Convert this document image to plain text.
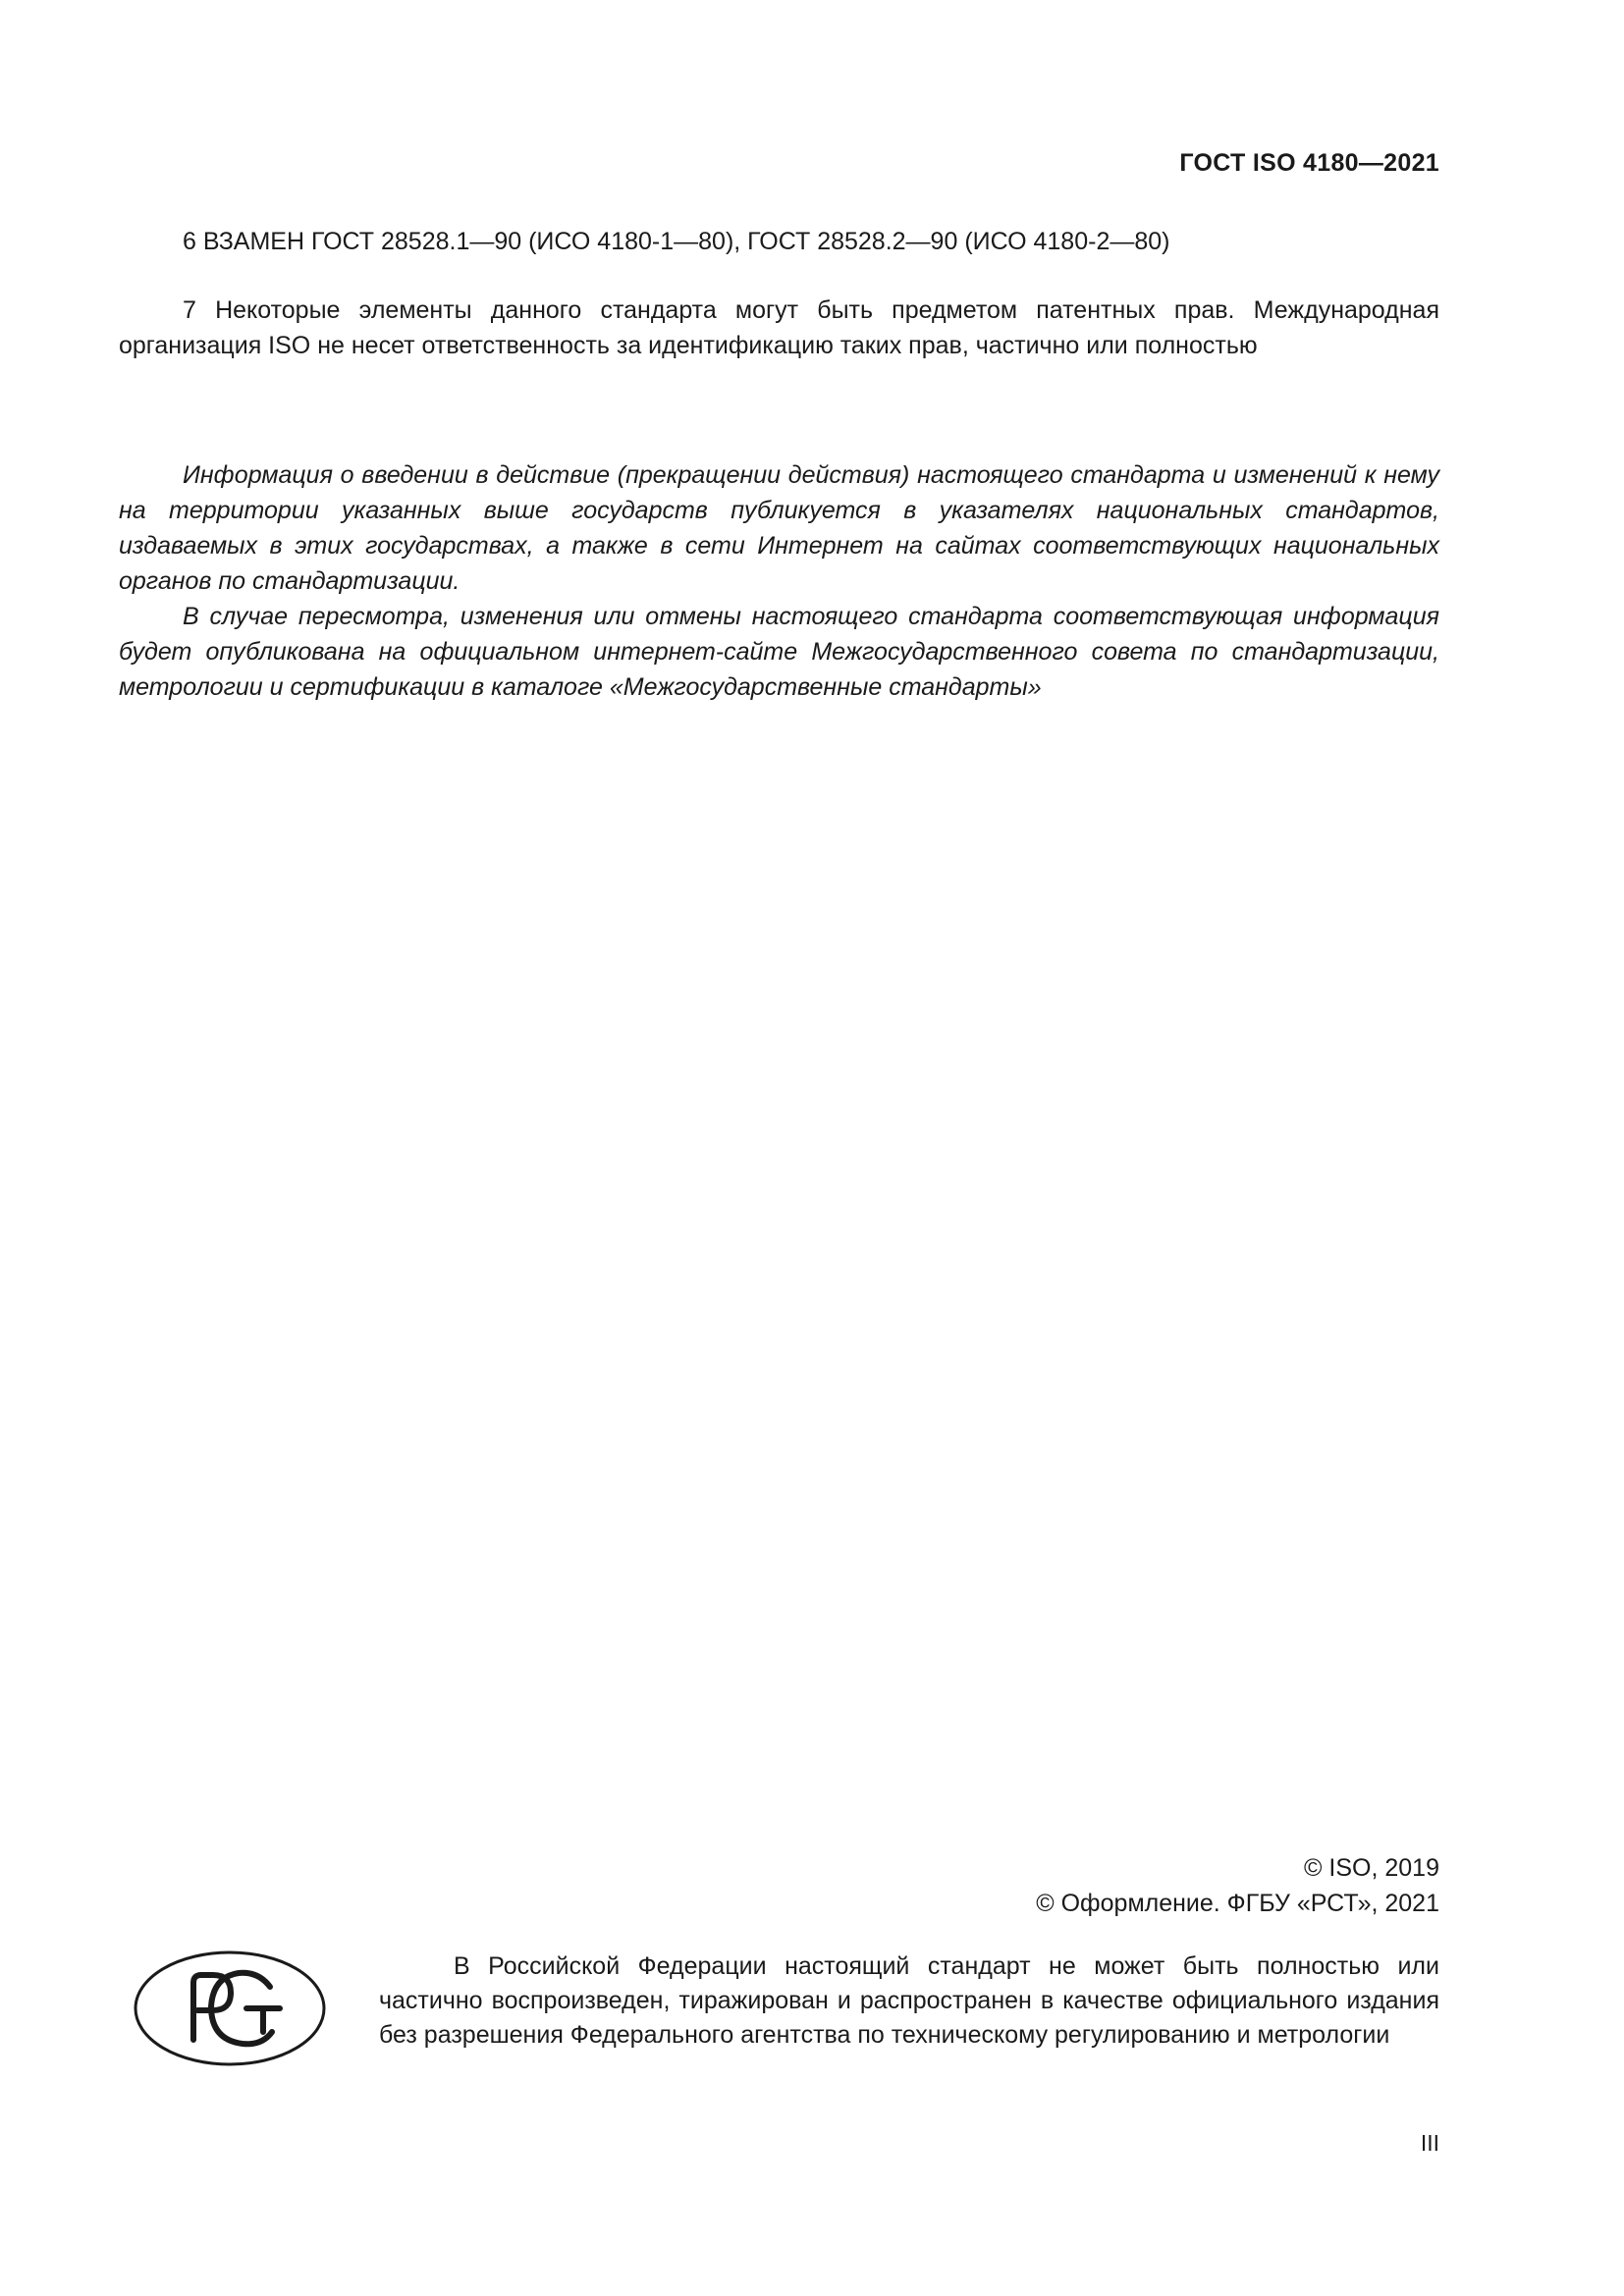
ГОСТ ISO 4180—2021

6 ВЗАМЕН ГОСТ 28528.1—90 (ИСО 4180-1—80), ГОСТ 28528.2—90 (ИСО 4180-2—80)

7 Некоторые элементы данного стандарта могут быть предметом патентных прав. Международная организация ISO не несет ответственность за идентификацию таких прав, частично или полностью

Информация о введении в действие (прекращении действия) настоящего стандарта и изменений к нему на территории указанных выше государств публикуется в указателях национальных стандартов, издаваемых в этих государствах, а также в сети Интернет на сайтах соответствующих национальных органов по стандартизации.

В случае пересмотра, изменения или отмены настоящего стандарта соответствующая информация будет опубликована на официальном интернет-сайте Межгосударственного совета по стандартизации, метрологии и сертификации в каталоге «Межгосударственные стандарты»

© ISO, 2019
© Оформление. ФГБУ «РСТ», 2021

В Российской Федерации настоящий стандарт не может быть полностью или частично воспроизведен, тиражирован и распространен в качестве официального издания без разрешения Федерального агентства по техническому регулированию и метрологии

III
